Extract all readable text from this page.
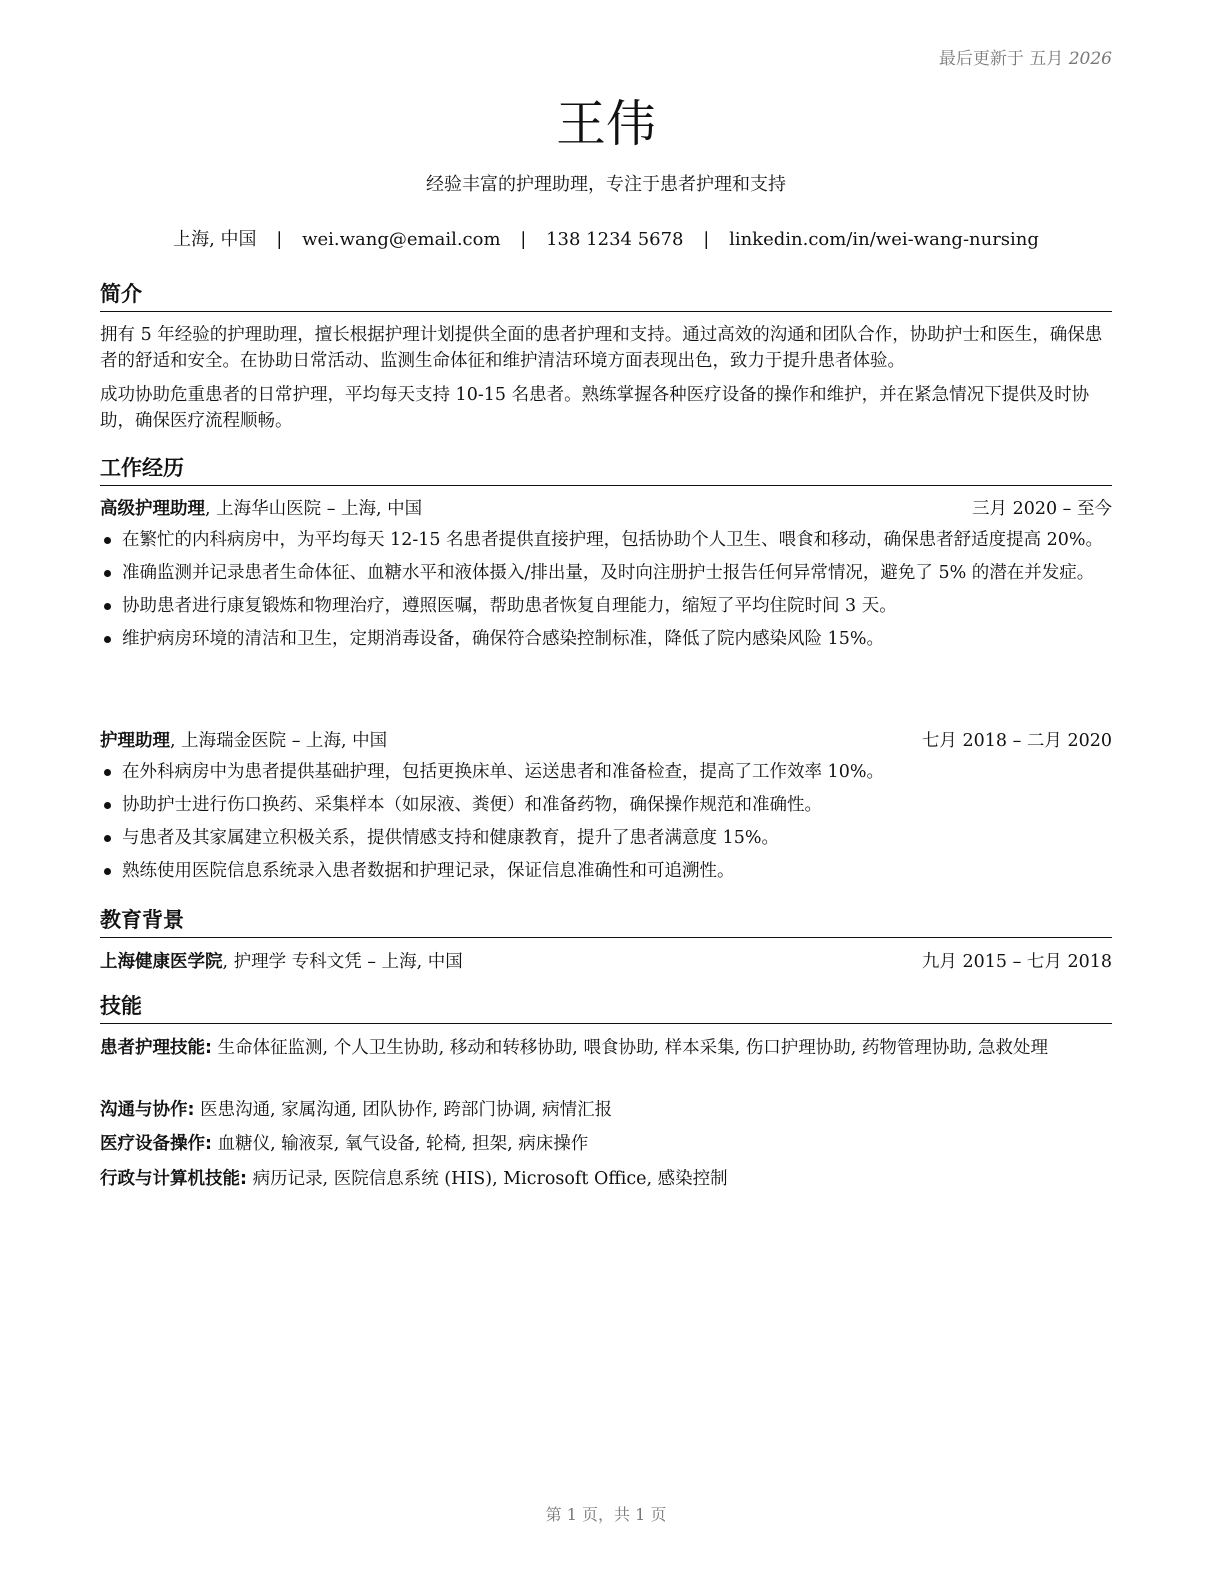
最后更新于 五月 2026
王伟
经验丰富的护理助理，专注于患者护理和支持
上海, 中国 | wei.wang@email.com | 138 1234 5678 | linkedin.com/in/wei-wang-nursing
简介
拥有 5 年经验的护理助理，擅长根据护理计划提供全面的患者护理和支持。通过高效的沟通和团队合作，协助护士和医生，确保患者的舒适和安全。在协助日常活动、监测生命体征和维护清洁环境方面表现出色，致力于提升患者体验。
成功协助危重患者的日常护理，平均每天支持 10-15 名患者。熟练掌握各种医疗设备的操作和维护，并在紧急情况下提供及时协助，确保医疗流程顺畅。
工作经历
高级护理助理, 上海华山医院 – 上海, 中国	三月 2020 – 至今
在繁忙的内科病房中，为平均每天 12-15 名患者提供直接护理，包括协助个人卫生、喂食和移动，确保患者舒适度提高 20%。
准确监测并记录患者生命体征、血糖水平和液体摄入/排出量，及时向注册护士报告任何异常情况，避免了 5% 的潜在并发症。
协助患者进行康复锻炼和物理治疗，遵照医嘱，帮助患者恢复自理能力，缩短了平均住院时间 3 天。
维护病房环境的清洁和卫生，定期消毒设备，确保符合感染控制标准，降低了院内感染风险 15%。
护理助理, 上海瑞金医院 – 上海, 中国	七月 2018 – 二月 2020
在外科病房中为患者提供基础护理，包括更换床单、运送患者和准备检查，提高了工作效率 10%。
协助护士进行伤口换药、采集样本（如尿液、粪便）和准备药物，确保操作规范和准确性。
与患者及其家属建立积极关系，提供情感支持和健康教育，提升了患者满意度 15%。
熟练使用医院信息系统录入患者数据和护理记录，保证信息准确性和可追溯性。
教育背景
上海健康医学院, 护理学 专科文凭 – 上海, 中国	九月 2015 – 七月 2018
技能
患者护理技能: 生命体征监测, 个人卫生协助, 移动和转移协助, 喂食协助, 样本采集, 伤口护理协助, 药物管理协助, 急救处理
沟通与协作: 医患沟通, 家属沟通, 团队协作, 跨部门协调, 病情汇报
医疗设备操作: 血糖仪, 输液泵, 氧气设备, 轮椅, 担架, 病床操作
行政与计算机技能: 病历记录, 医院信息系统 (HIS), Microsoft Office, 感染控制
第 1 页，共 1 页
